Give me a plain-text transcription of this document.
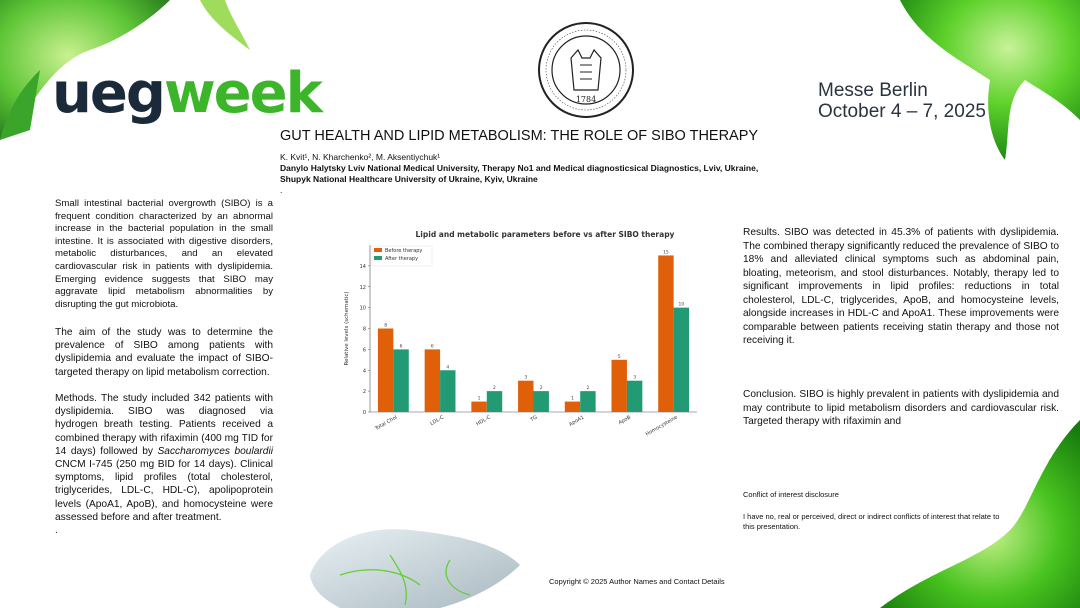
uegweek	1784	Messe Berlin
October 4 – 7, 2025
GUT HEALTH AND LIPID METABOLISM: THE ROLE OF SIBO THERAPY
K. Kvit¹, N. Kharchenko², M. Aksentiychuk¹
Danylo Halytsky Lviv National Medical University, Therapy No1 and Medical diagnosticsical Diagnostics, Lviv, Ukraine,
Shupyk National Healthcare University of Ukraine, Kyiv, Ukraine
.
Small intestinal bacterial overgrowth (SIBO) is a frequent condition characterized by an abnormal increase in the bacterial population in the small intestine. It is associated with digestive disorders, metabolic disturbances, and an elevated cardiovascular risk in patients with dyslipidemia. Emerging evidence suggests that SIBO may aggravate lipid metabolism abnormalities by disrupting the gut microbiota.
The aim of the study was to determine the prevalence of SIBO among patients with dyslipidemia and evaluate the impact of SIBO-targeted therapy on lipid metabolism correction.
Methods. The study included 342 patients with dyslipidemia. SIBO was diagnosed via hydrogen breath testing. Patients received a combined therapy with rifaximin (400 mg TID for 14 days) followed by Saccharomyces boulardii CNCM I-745 (250 mg BID for 14 days). Clinical symptoms, lipid profiles (total cholesterol, triglycerides, LDL-C, HDL-C), apolipoprotein levels (ApoA1, ApoB), and homocysteine were assessed before and after treatment.
.
Lipid and metabolic parameters before vs after SIBO therapy
0
2
4
6
8
10
12
14
Relative levels (schematic)	8
6
Total Chol
6
4
LDL-C
1
2
HDL-C
3
2
TG
1
2
ApoA1
5
3
ApoB
15
10
Homocysteine
Before therapy
After therapy
Results. SIBO was detected in 45.3% of patients with dyslipidemia. The combined therapy significantly reduced the prevalence of SIBO to 18% and alleviated clinical symptoms such as abdominal pain, bloating, meteorism, and stool disturbances. Notably, therapy led to significant improvements in lipid profiles: reductions in total cholesterol, LDL-C, triglycerides, ApoB, and homocysteine levels, alongside increases in HDL-C and ApoA1. These improvements were comparable between patients receiving statin therapy and those not receiving it.
Conclusion. SIBO is highly prevalent in patients with dyslipidemia and may contribute to lipid metabolism disorders and cardiovascular risk. Targeted therapy with rifaximin and
Conflict of interest disclosure
I have no, real or perceived, direct or indirect conflicts of interest that relate to this presentation.
Copyright © 2025 Author Names and Contact Details
